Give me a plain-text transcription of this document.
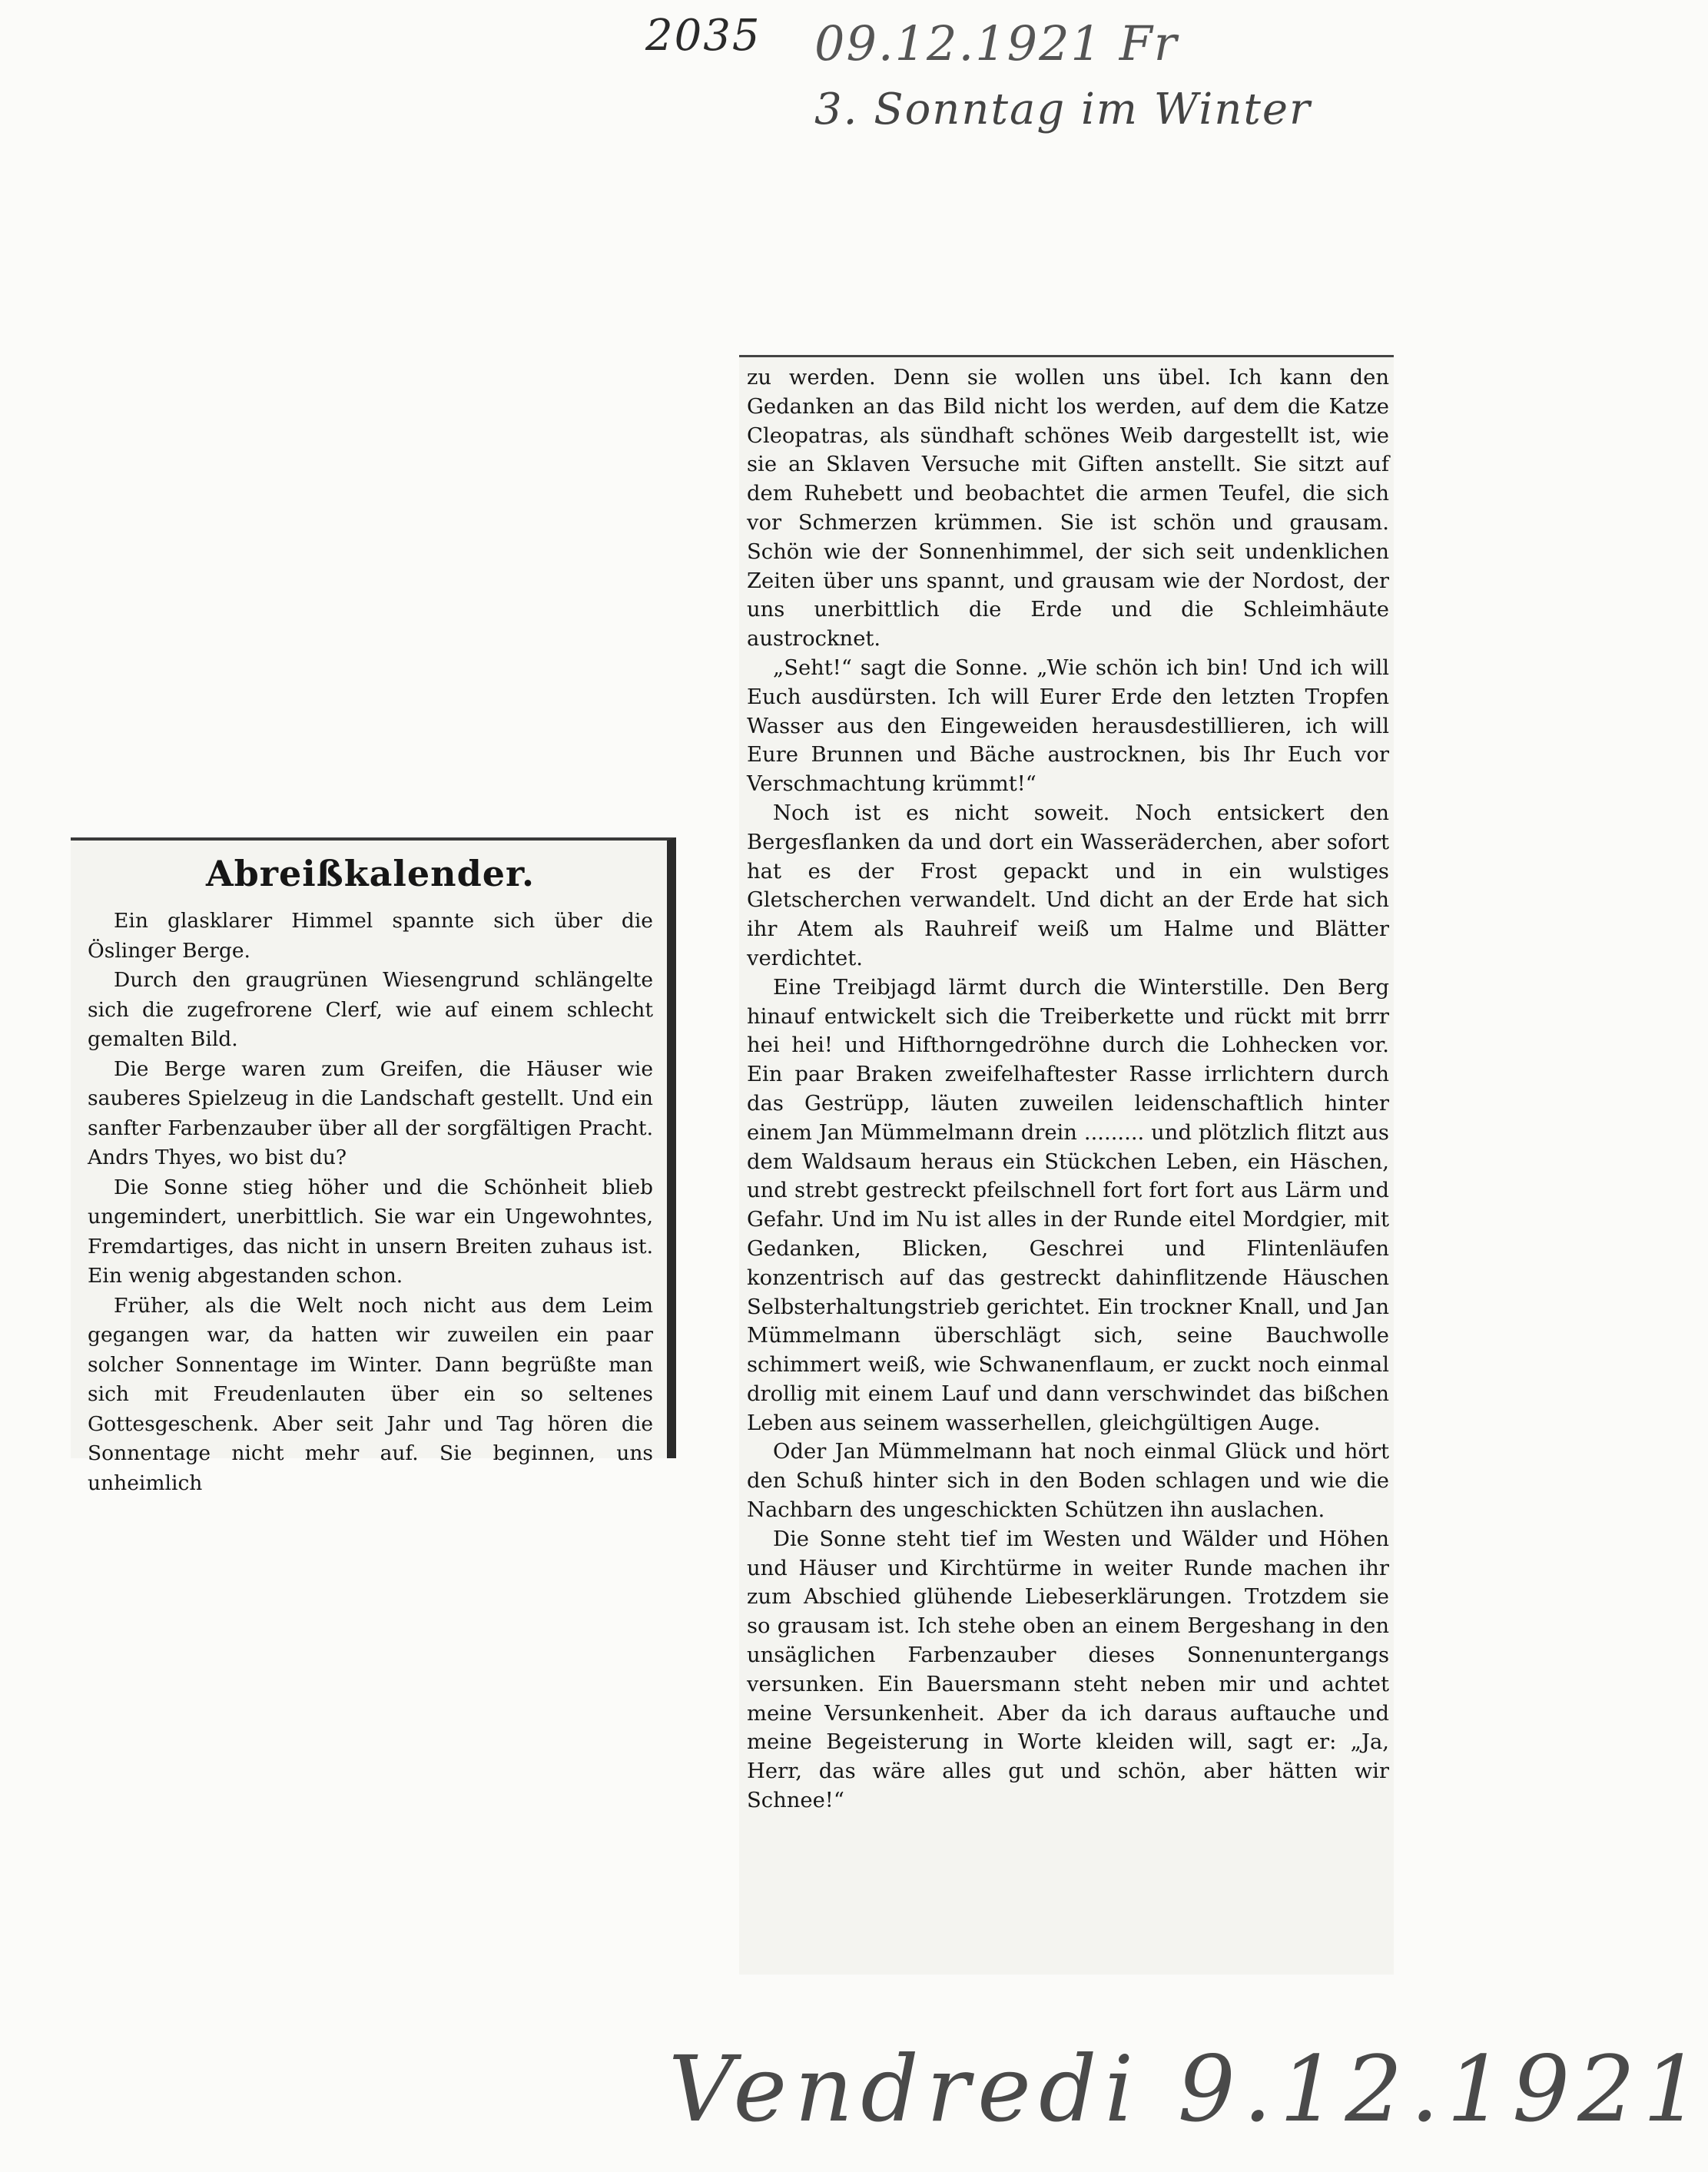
2035 09.12.1921 Fr
3. Sonntag im Winter
Abreißkalender.

Ein glasklarer Himmel spannte sich über die Öslinger Berge.

Durch den graugrünen Wiesengrund schlängelte sich die zugefrorene Clerf, wie auf einem schlecht gemalten Bild.

Die Berge waren zum Greifen, die Häuser wie sauberes Spielzeug in die Landschaft gestellt. Und ein sanfter Farbenzauber über all der sorgfältigen Pracht. Andrs Thyes, wo bist du?

Die Sonne stieg höher und die Schönheit blieb ungemindert, unerbittlich. Sie war ein Ungewohntes, Fremdartiges, das nicht in unsern Breiten zuhaus ist. Ein wenig abgestanden schon.

Früher, als die Welt noch nicht aus dem Leim gegangen war, da hatten wir zuweilen ein paar solcher Sonnentage im Winter. Dann begrüßte man sich mit Freudenlauten über ein so seltenes Gottesgeschenk. Aber seit Jahr und Tag hören die Sonnentage nicht mehr auf. Sie beginnen, uns unheimlich

zu werden. Denn sie wollen uns übel. Ich kann den Gedanken an das Bild nicht los werden, auf dem die Katze Cleopatras, als sündhaft schönes Weib dargestellt ist, wie sie an Sklaven Versuche mit Giften anstellt. Sie sitzt auf dem Ruhebett und beobachtet die armen Teufel, die sich vor Schmerzen krümmen. Sie ist schön und grausam. Schön wie der Sonnenhimmel, der sich seit undenklichen Zeiten über uns spannt, und grausam wie der Nordost, der uns unerbittlich die Erde und die Schleimhäute austrocknet.

„Seht!“ sagt die Sonne. „Wie schön ich bin! Und ich will Euch ausdürsten. Ich will Eurer Erde den letzten Tropfen Wasser aus den Eingeweiden herausdestillieren, ich will Eure Brunnen und Bäche austrocknen, bis Ihr Euch vor Verschmachtung krümmt!“

Noch ist es nicht soweit. Noch entsickert den Bergesflanken da und dort ein Wasseräderchen, aber sofort hat es der Frost gepackt und in ein wulstiges Gletscherchen verwandelt. Und dicht an der Erde hat sich ihr Atem als Rauhreif weiß um Halme und Blätter verdichtet.

Eine Treibjagd lärmt durch die Winterstille. Den Berg hinauf entwickelt sich die Treiberkette und rückt mit brrr hei hei! und Hifthorngedröhne durch die Lohhecken vor. Ein paar Braken zweifelhaftester Rasse irrlichtern durch das Gestrüpp, läuten zuweilen leidenschaftlich hinter einem Jan Mümmelmann drein ......... und plötzlich flitzt aus dem Waldsaum heraus ein Stückchen Leben, ein Häschen, und strebt gestreckt pfeilschnell fort fort fort aus Lärm und Gefahr. Und im Nu ist alles in der Runde eitel Mordgier, mit Gedanken, Blicken, Geschrei und Flintenläufen konzentrisch auf das gestreckt dahinflitzende Häuschen Selbsterhaltungstrieb gerichtet. Ein trockner Knall, und Jan Mümmelmann überschlägt sich, seine Bauchwolle schimmert weiß, wie Schwanenflaum, er zuckt noch einmal drollig mit einem Lauf und dann verschwindet das bißchen Leben aus seinem wasserhellen, gleichgültigen Auge.

Oder Jan Mümmelmann hat noch einmal Glück und hört den Schuß hinter sich in den Boden schlagen und wie die Nachbarn des ungeschickten Schützen ihn auslachen.

Die Sonne steht tief im Westen und Wälder und Höhen und Häuser und Kirchtürme in weiter Runde machen ihr zum Abschied glühende Liebeserklärungen. Trotzdem sie so grausam ist. Ich stehe oben an einem Bergeshang in den unsäglichen Farbenzauber dieses Sonnenuntergangs versunken. Ein Bauersmann steht neben mir und achtet meine Versunkenheit. Aber da ich daraus auftauche und meine Begeisterung in Worte kleiden will, sagt er: „Ja, Herr, das wäre alles gut und schön, aber hätten wir Schnee!“

Vendredi 9.12.1921
